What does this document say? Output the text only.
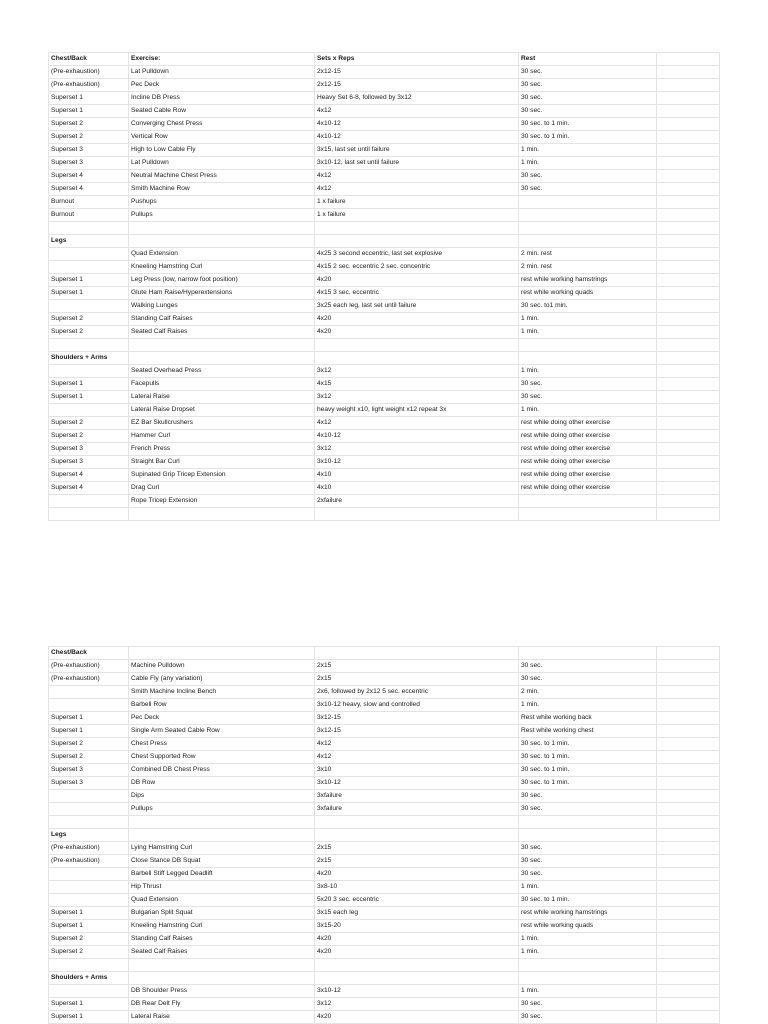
Chest/Back	Exercise:	Sets x Reps	Rest	
(Pre-exhaustion)	Lat Pulldown	2x12-15	30 sec.	
(Pre-exhaustion)	Pec Deck	2x12-15	30 sec.	
Superset 1	Incline DB Press	Heavy Set 6-8, followed by 3x12	30 sec.	
Superset 1	Seated Cable Row	4x12	30 sec.	
Superset 2	Converging Chest Press	4x10-12	30 sec. to 1 min.	
Superset 2	Vertical Row	4x10-12	30 sec. to 1 min.	
Superset 3	High to Low Cable Fly	3x15, last set until failure	1 min.	
Superset 3	Lat Pulldown	3x10-12, last set until failure	1 min.	
Superset 4	Neutral Machine Chest Press	4x12	30 sec.	
Superset 4	Smith Machine Row	4x12	30 sec.	
Burnout	Pushups	1 x failure		
Burnout	Pullups	1 x failure		

Legs				
	Quad Extension	4x25 3 second eccentric, last set explosive	2 min. rest	
	Kneeling Hamstring Curl	4x15 2 sec. eccentric 2 sec. concentric	2 min. rest	
Superset 1	Leg Press (low, narrow foot position)	4x20	rest while working hamstrings	
Superset 1	Glute Ham Raise/Hyperextensions	4x15 3 sec. eccentric	rest while working quads	
	Walking Lunges	3x25 each leg, last set until failure	30 sec. to1 min.	
Superset 2	Standing Calf Raises	4x20	1 min.	
Superset 2	Seated Calf Raises	4x20	1 min.	

Shoulders + Arms				
	Seated Overhead Press	3x12	1 min.	
Superset 1	Facepulls	4x15	30 sec.	
Superset 1	Lateral Raise	3x12	30 sec.	
	Lateral Raise Dropset	heavy weight x10, light weight x12 repeat 3x	1 min.	
Superset 2	EZ Bar Skullcrushers	4x12	rest while doing other exercise	
Superset 2	Hammer Curl	4x10-12	rest while doing other exercise	
Superset 3	French Press	3x12	rest while doing other exercise	
Superset 3	Straight Bar Curl	3x10-12	rest while doing other exercise	
Superset 4	Supinated Grip Tricep Extension	4x10	rest while doing other exercise	
Superset 4	Drag Curl	4x10	rest while doing other exercise	
	Rope Tricep Extension	2xfailure		

Chest/Back				
(Pre-exhaustion)	Machine Pulldown	2x15	30 sec.	
(Pre-exhaustion)	Cable Fly (any variation)	2x15	30 sec.	
	Smith Machine Incline Bench	2x6, followed by 2x12 5 sec. eccentric	2 min.	
	Barbell Row	3x10-12 heavy, slow and controlled	1 min.	
Superset 1	Pec Deck	3x12-15	Rest while working back	
Superset 1	Single Arm Seated Cable Row	3x12-15	Rest while working chest	
Superset 2	Chest Press	4x12	30 sec. to 1 min.	
Superset 2	Chest Supported Row	4x12	30 sec. to 1 min.	
Superset 3	Combined DB Chest Press	3x10	30 sec. to 1 min.	
Superset 3	DB Row	3x10-12	30 sec. to 1 min.	
	Dips	3xfailure	30 sec.	
	Pullups	3xfailure	30 sec.	

Legs				
(Pre-exhaustion)	Lying Hamstring Curl	2x15	30 sec.	
(Pre-exhaustion)	Close Stance DB Squat	2x15	30 sec.	
	Barbell Stiff Legged Deadlift	4x20	30 sec.	
	Hip Thrust	3x8-10	1 min.	
	Quad Extension	5x20 3 sec. eccentric	30 sec. to 1 min.	
Superset 1	Bulgarian Split Squat	3x15 each leg	rest while working hamstrings	
Superset 1	Kneeling Hamstring Curl	3x15-20	rest while working quads	
Superset 2	Standing Calf Raises	4x20	1 min.	
Superset 2	Seated Calf Raises	4x20	1 min.	

Shoulders + Arms				
	DB Shoulder Press	3x10-12	1 min.	
Superset 1	DB Rear Delt Fly	3x12	30 sec.	
Superset 1	Lateral Raise	4x20	30 sec.	
